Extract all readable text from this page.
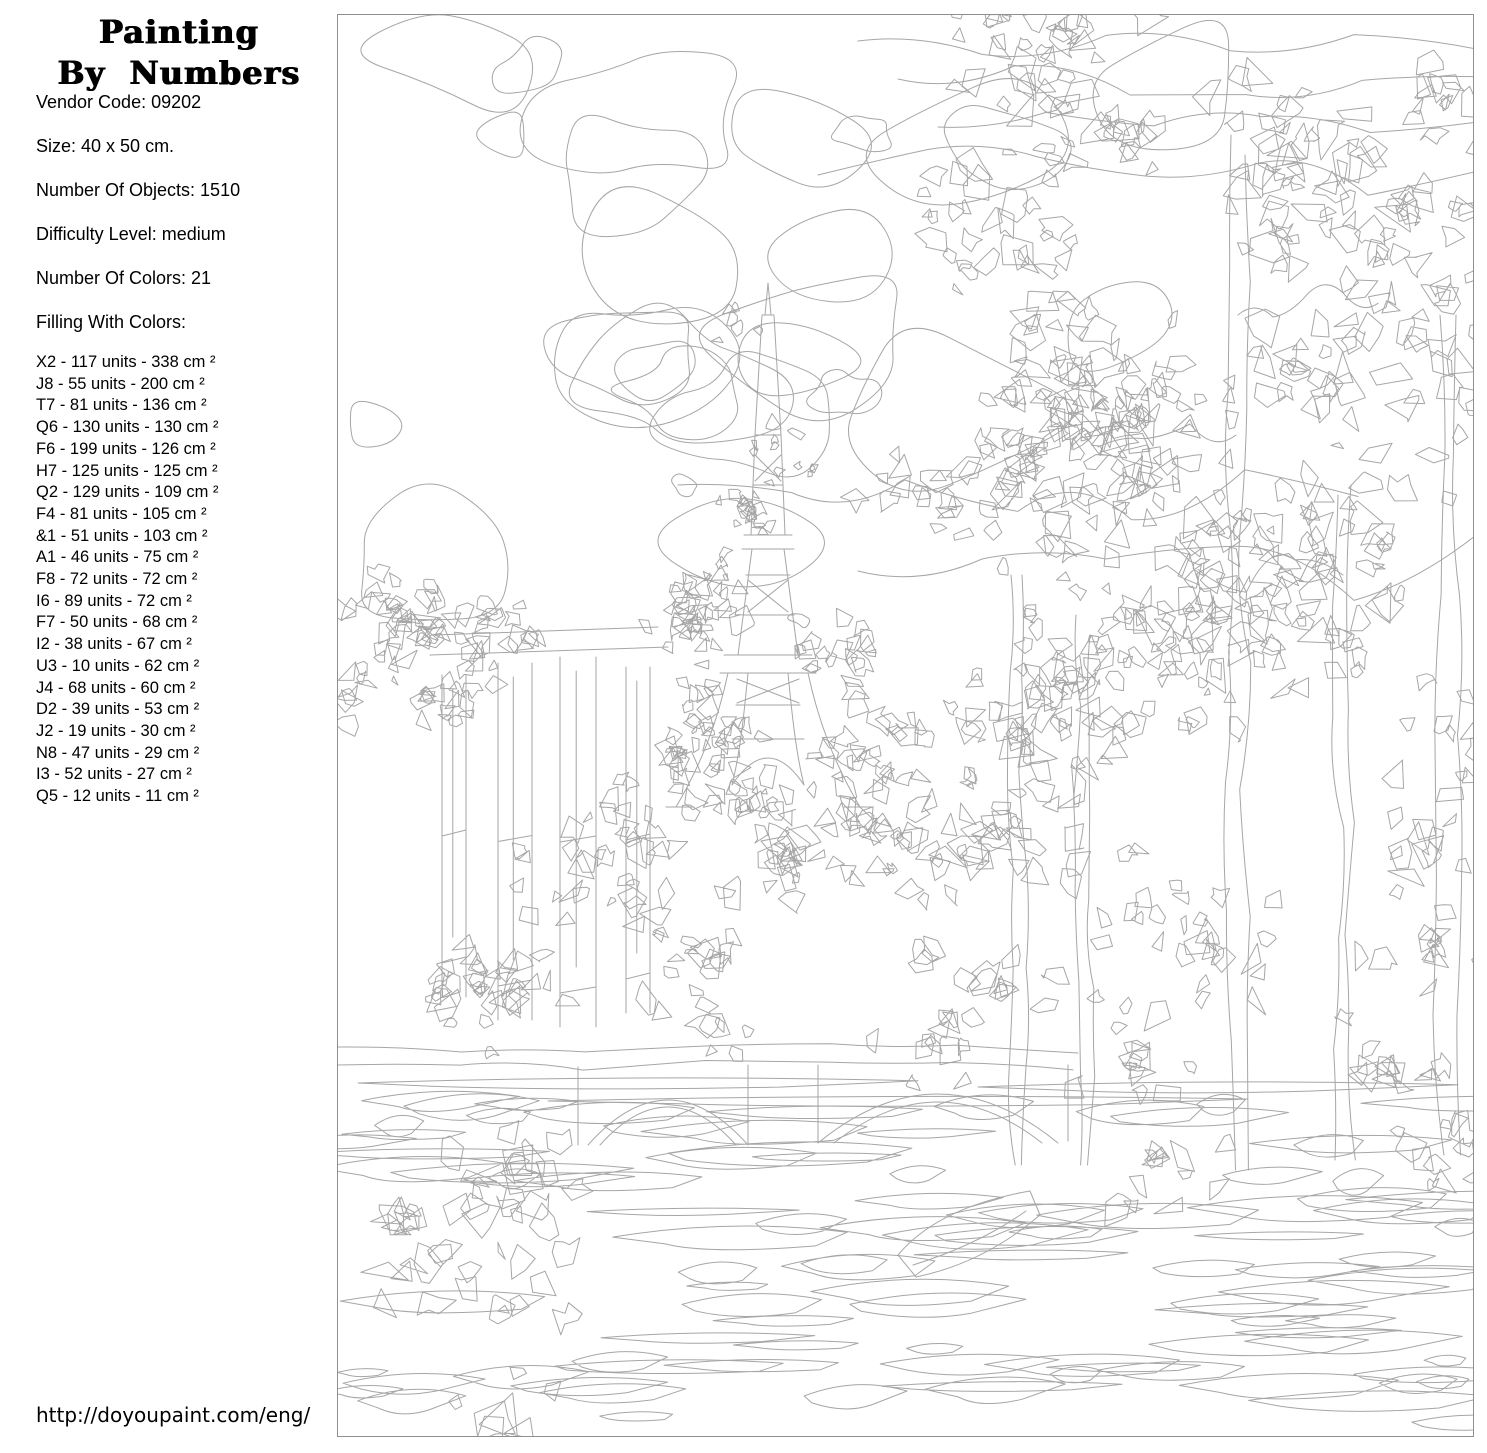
Painting
By  Numbers

Vendor Code: 09202

Size: 40 x 50 cm.

Number Of Objects: 1510

Difficulty Level: medium

Number Of Colors: 21

Filling With Colors:

X2 - 117 units - 338 cm ²
J8 - 55 units - 200 cm ²
T7 - 81 units - 136 cm ²
Q6 - 130 units - 130 cm ²
F6 - 199 units - 126 cm ²
H7 - 125 units - 125 cm ²
Q2 - 129 units - 109 cm ²
F4 - 81 units - 105 cm ²
&1 - 51 units - 103 cm ²
A1 - 46 units - 75 cm ²
F8 - 72 units - 72 cm ²
I6 - 89 units - 72 cm ²
F7 - 50 units - 68 cm ²
I2 - 38 units - 67 cm ²
U3 - 10 units - 62 cm ²
J4 - 68 units - 60 cm ²
D2 - 39 units - 53 cm ²
J2 - 19 units - 30 cm ²
N8 - 47 units - 29 cm ²
I3 - 52 units - 27 cm ²
Q5 - 12 units - 11 cm ²
http://doyoupaint.com/eng/
